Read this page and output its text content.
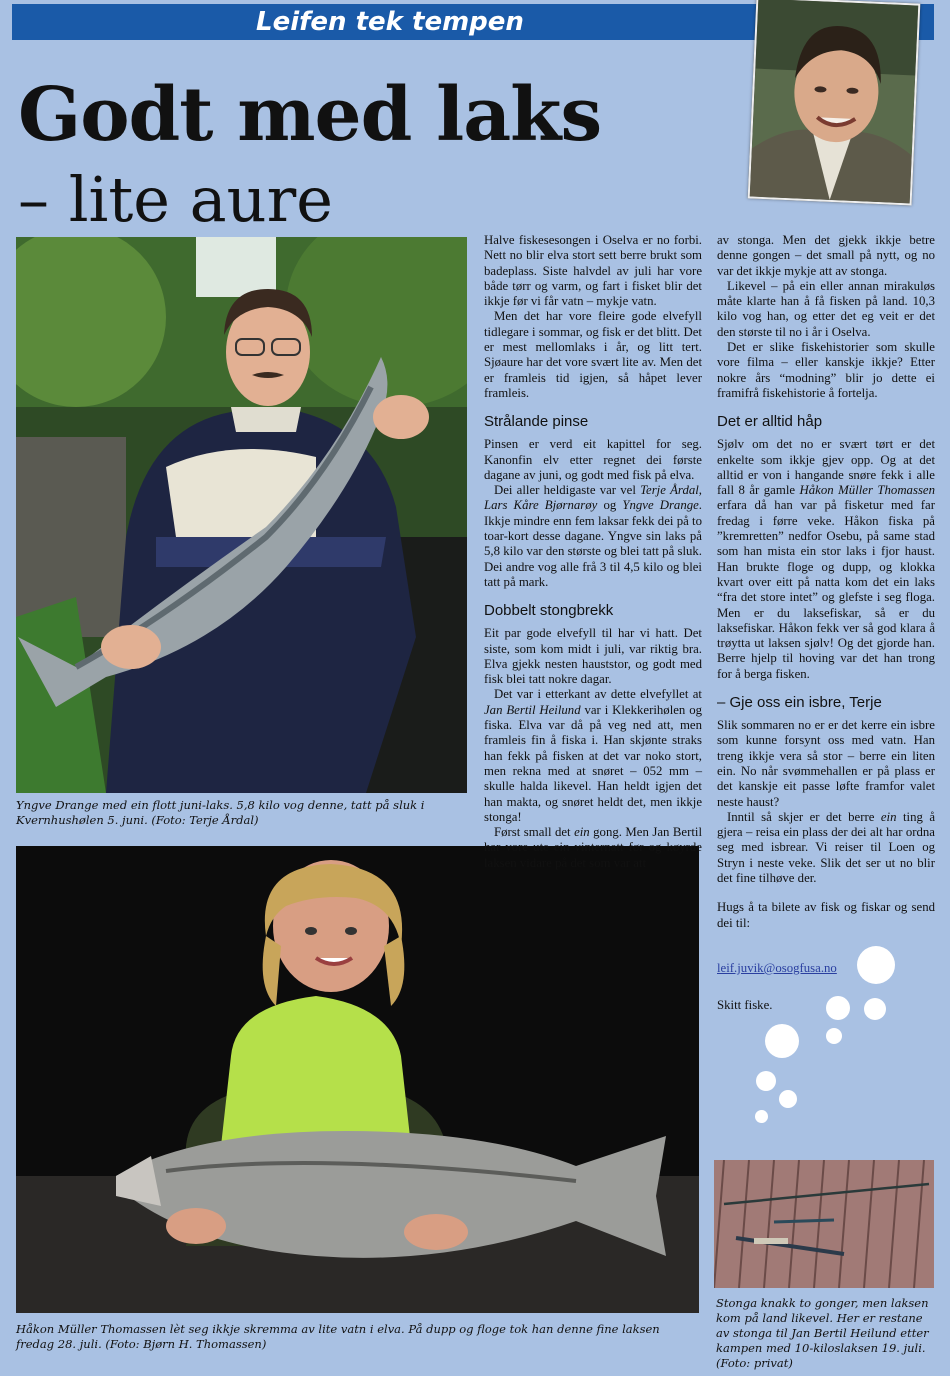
Leifen tek tempen
Godt med laks
– lite aure
Yngve Drange med ein flott juni-laks. 5,8 kilo vog denne, tatt på sluk i Kvernhushølen 5. juni. (Foto: Terje Årdal)
Håkon Müller Thomassen lèt seg ikkje skremma av lite vatn i elva. På dupp og floge tok han denne fine laksen fredag 28. juli. (Foto: Bjørn H. Thomassen)
Stonga knakk to gonger, men laksen kom på land likevel. Her er restane av stonga til Jan Bertil Heilund etter kampen med 10-kiloslaksen 19. juli. (Foto: privat)

Halve fiskesesongen i Oselva er no forbi. Nett no blir elva stort sett berre brukt som badeplass. Siste halvdel av juli har vore både tørr og varm, og fart i fisket blir det ikkje før vi får vatn – mykje vatn.

Men det har vore fleire gode elvefyll tidlegare i sommar, og fisk er det blitt. Det er mest mellomlaks i år, og litt tert. Sjøaure har det vore svært lite av. Men det er framleis tid igjen, så håpet lever framleis.

Strålande pinse

Pinsen er verd eit kapittel for seg. Kanonfin elv etter regnet dei første dagane av juni, og godt med fisk på elva.

Dei aller heldigaste var vel Terje Årdal, Lars Kåre Bjørnarøy og Yngve Drange. Ikkje mindre enn fem laksar fekk dei på to toar-kort desse dagane. Yngve sin laks på 5,8 kilo var den største og blei tatt på sluk. Dei andre vog alle frå 3 til 4,5 kilo og blei tatt på mark.

Dobbelt stongbrekk

Eit par gode elvefyll til har vi hatt. Det siste, som kom midt i juli, var riktig bra. Elva gjekk nesten hauststor, og godt med fisk blei tatt nokre dagar.

Det var i etterkant av dette elvefyllet at Jan Bertil Heilund var i Klekkerihølen og fiska. Elva var då på veg ned att, men framleis fin å fiska i. Han skjønte straks han fekk på fisken at det var noko stort, men rekna med at snøret – 052 mm – skulle halda likevel. Han heldt igjen det han makta, og snøret heldt det, men ikkje stonga!

Først small det ein gong. Men Jan Bertil har vore ute ein vinternatt før og køyrde laksen vidare på det som var att

av stonga. Men det gjekk ikkje betre denne gongen – det small på nytt, og no var det ikkje mykje att av stonga.

Likevel – på ein eller annan mirakuløs måte klarte han å få fisken på land. 10,3 kilo vog han, og etter det eg veit er det den største til no i år i Oselva.

Det er slike fiskehistorier som skulle vore filma – eller kanskje ikkje? Etter nokre års “modning” blir jo dette ei framifrå fiskehistorie å fortelja.

Det er alltid håp

Sjølv om det no er svært tørt er det enkelte som ikkje gjev opp. Og at det alltid er von i hangande snøre fekk i alle fall 8 år gamle Håkon Müller Thomassen erfara då han var på fisketur med far fredag i førre veke. Håkon fiska på ”kremretten” nedfor Osebu, på same stad som han mista ein stor laks i fjor haust. Han brukte floge og dupp, og klokka kvart over eitt på natta kom det ein laks “fra det store intet” og glefste i seg floga. Men er du laksefiskar, så er du laksefiskar. Håkon fekk ver så god klara å trøytta ut laksen sjølv! Og det gjorde han. Berre hjelp til hoving var det han trong for å berga fisken.

– Gje oss ein isbre, Terje

Slik sommaren no er er det kerre ein isbre som kunne forsynt oss med vatn. Han treng ikkje vera så stor – berre ein liten ein. No når svømmehallen er på plass er det kanskje eit passe løfte framfor valet neste haust?

Inntil så skjer er det berre ein ting å gjera – reisa ein plass der dei alt har ordna seg med isbrear. Vi reiser til Loen og Stryn i neste veke. Slik det ser ut no blir det fine tilhøve der.

Hugs å ta bilete av fisk og fiskar og send dei til:

leif.juvik@osogfusa.no

Skitt fiske.
